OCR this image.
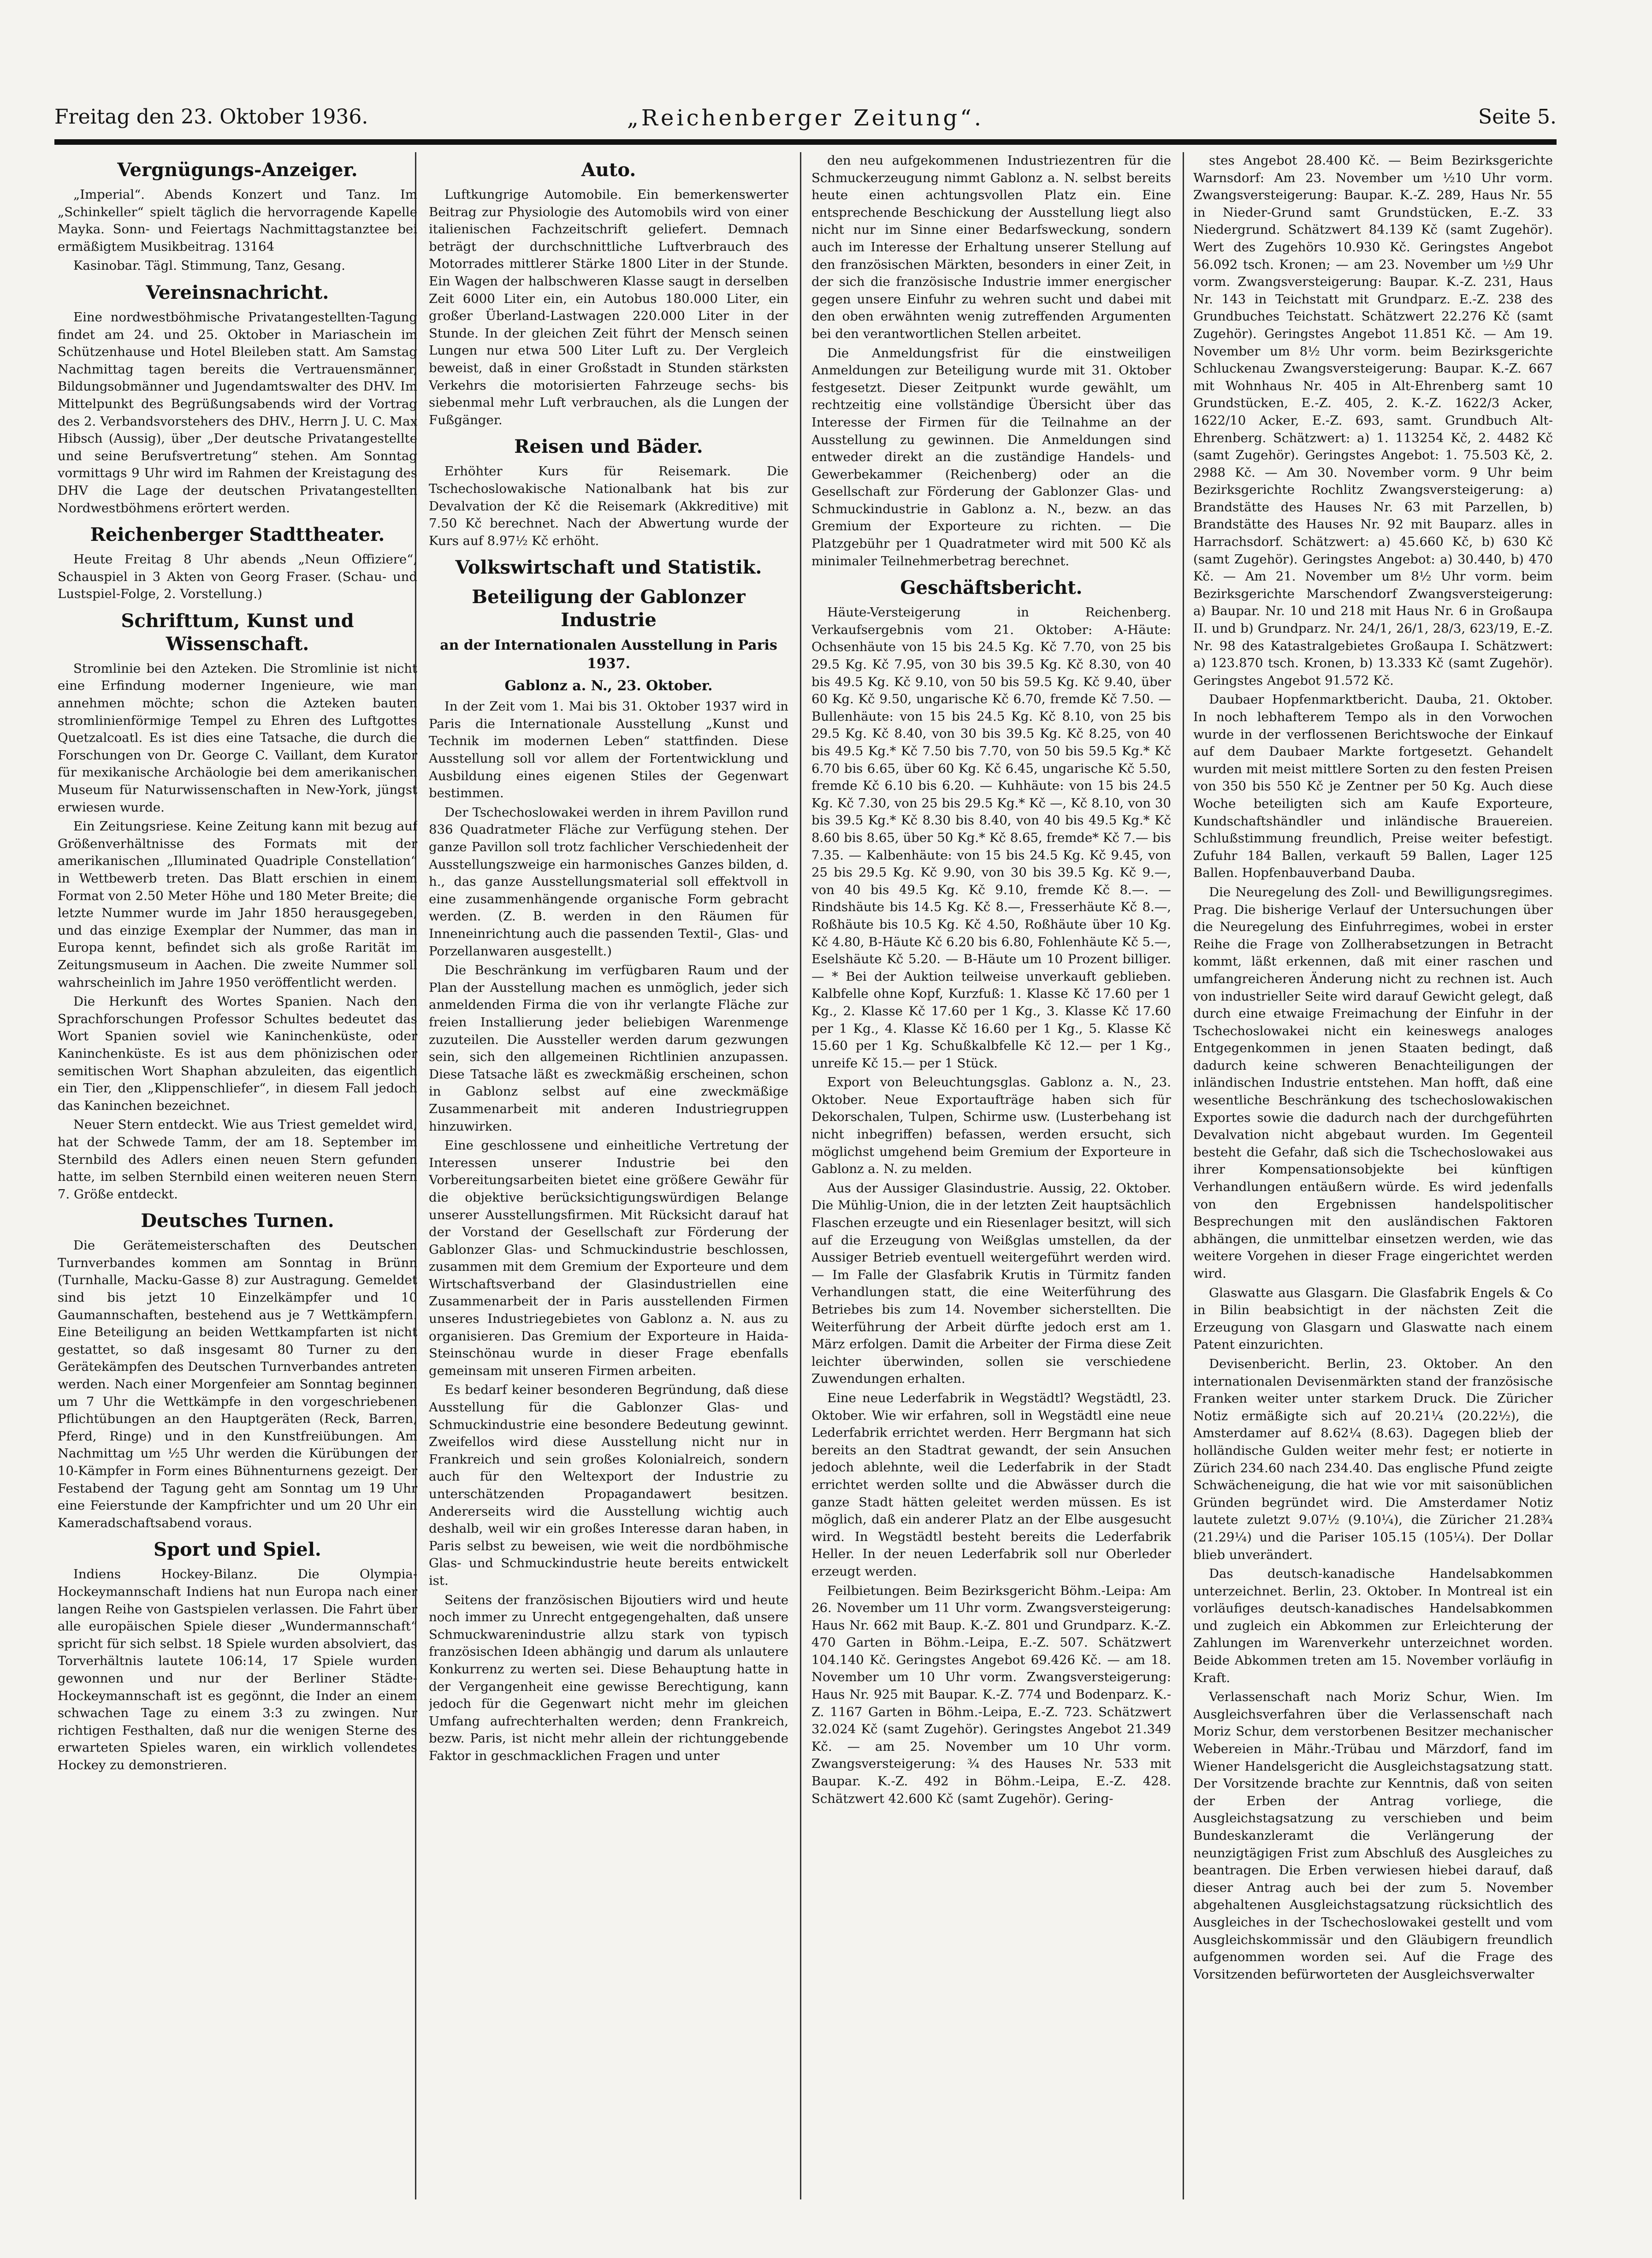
Freitag den 23. Oktober 1936.	„Reichenberger Zeitung“.	Seite 5.
Vergnügungs-Anzeiger.

„Imperial“. Abends Konzert und Tanz. Im „Schinkeller“ spielt täglich die hervorragende Kapelle Mayka. Sonn- und Feiertags Nachmittagstanztee bei ermäßigtem Musikbeitrag. 13164

Kasinobar. Tägl. Stimmung, Tanz, Gesang.

Vereinsnachricht.

Eine nordwestböhmische Privatangestellten-Tagung findet am 24. und 25. Oktober in Mariaschein im Schützenhause und Hotel Bleileben statt. Am Samstag Nachmittag tagen bereits die Vertrauensmänner, Bildungsobmänner und Jugendamtswalter des DHV. Im Mittelpunkt des Begrüßungsabends wird der Vortrag des 2. Verbandsvorstehers des DHV., Herrn J. U. C. Max Hibsch (Aussig), über „Der deutsche Privatangestellte und seine Berufsvertretung“ stehen. Am Sonntag vormittags 9 Uhr wird im Rahmen der Kreistagung des DHV die Lage der deutschen Privatangestellten Nordwestböhmens erörtert werden.

Reichenberger Stadttheater.

Heute Freitag 8 Uhr abends „Neun Offiziere“, Schauspiel in 3 Akten von Georg Fraser. (Schau- und Lustspiel-Folge, 2. Vorstellung.)

Schrifttum, Kunst und Wissenschaft.

Stromlinie bei den Azteken. Die Stromlinie ist nicht eine Erfindung moderner Ingenieure, wie man annehmen möchte; schon die Azteken bauten stromlinienförmige Tempel zu Ehren des Luftgottes Quetzalcoatl. Es ist dies eine Tatsache, die durch die Forschungen von Dr. George C. Vaillant, dem Kurator für mexikanische Archäologie bei dem amerikanischen Museum für Naturwissenschaften in New-York, jüngst erwiesen wurde.

Ein Zeitungsriese. Keine Zeitung kann mit bezug auf Größenverhältnisse des Formats mit der amerikanischen „Illuminated Quadriple Constellation“ in Wettbewerb treten. Das Blatt erschien in einem Format von 2.50 Meter Höhe und 180 Meter Breite; die letzte Nummer wurde im Jahr 1850 herausgegeben, und das einzige Exemplar der Nummer, das man in Europa kennt, befindet sich als große Rarität im Zeitungsmuseum in Aachen. Die zweite Nummer soll wahrscheinlich im Jahre 1950 veröffentlicht werden.

Die Herkunft des Wortes Spanien. Nach den Sprachforschungen Professor Schultes bedeutet das Wort Spanien soviel wie Kaninchenküste, oder Kaninchenküste. Es ist aus dem phönizischen oder semitischen Wort Shaphan abzuleiten, das eigentlich ein Tier, den „Klippenschliefer“, in diesem Fall jedoch das Kaninchen bezeichnet.

Neuer Stern entdeckt. Wie aus Triest gemeldet wird, hat der Schwede Tamm, der am 18. September im Sternbild des Adlers einen neuen Stern gefunden hatte, im selben Sternbild einen weiteren neuen Stern 7. Größe entdeckt.

Deutsches Turnen.

Die Gerätemeisterschaften des Deutschen Turnverbandes kommen am Sonntag in Brünn (Turnhalle, Macku-Gasse 8) zur Austragung. Gemeldet sind bis jetzt 10 Einzelkämpfer und 10 Gaumannschaften, bestehend aus je 7 Wettkämpfern. Eine Beteiligung an beiden Wettkampfarten ist nicht gestattet, so daß insgesamt 80 Turner zu den Gerätekämpfen des Deutschen Turnverbandes antreten werden. Nach einer Morgenfeier am Sonntag beginnen um 7 Uhr die Wettkämpfe in den vorgeschriebenen Pflichtübungen an den Hauptgeräten (Reck, Barren, Pferd, Ringe) und in den Kunstfreiübungen. Am Nachmittag um ½5 Uhr werden die Kürübungen der 10-Kämpfer in Form eines Bühnenturnens gezeigt. Der Festabend der Tagung geht am Sonntag um 19 Uhr eine Feierstunde der Kampfrichter und um 20 Uhr ein Kameradschaftsabend voraus.

Sport und Spiel.

Indiens Hockey-Bilanz. Die Olympia-Hockeymannschaft Indiens hat nun Europa nach einer langen Reihe von Gastspielen verlassen. Die Fahrt über alle europäischen Spiele dieser „Wundermannschaft“ spricht für sich selbst. 18 Spiele wurden absolviert, das Torverhältnis lautete 106:14, 17 Spiele wurden gewonnen und nur der Berliner Städte-Hockeymannschaft ist es gegönnt, die Inder an einem schwachen Tage zu einem 3:3 zu zwingen. Nur richtigen Festhalten, daß nur die wenigen Sterne des erwarteten Spieles waren, ein wirklich vollendetes Hockey zu demonstrieren.

Auto.

Luftkungrige Automobile. Ein bemerkenswerter Beitrag zur Physiologie des Automobils wird von einer italienischen Fachzeitschrift geliefert. Demnach beträgt der durchschnittliche Luftverbrauch des Motorrades mittlerer Stärke 1800 Liter in der Stunde. Ein Wagen der halbschweren Klasse saugt in derselben Zeit 6000 Liter ein, ein Autobus 180.000 Liter, ein großer Überland-Lastwagen 220.000 Liter in der Stunde. In der gleichen Zeit führt der Mensch seinen Lungen nur etwa 500 Liter Luft zu. Der Vergleich beweist, daß in einer Großstadt in Stunden stärksten Verkehrs die motorisierten Fahrzeuge sechs- bis siebenmal mehr Luft verbrauchen, als die Lungen der Fußgänger.

Reisen und Bäder.

Erhöhter Kurs für Reisemark. Die Tschechoslowakische Nationalbank hat bis zur Devalvation der Kč die Reisemark (Akkreditive) mit 7.50 Kč berechnet. Nach der Abwertung wurde der Kurs auf 8.97½ Kč erhöht.

Volkswirtschaft und Statistik.
Beteiligung der Gablonzer Industrie
an der Internationalen Ausstellung in Paris 1937.
Gablonz a. N., 23. Oktober.

In der Zeit vom 1. Mai bis 31. Oktober 1937 wird in Paris die Internationale Ausstellung „Kunst und Technik im modernen Leben“ stattfinden. Diese Ausstellung soll vor allem der Fortentwicklung und Ausbildung eines eigenen Stiles der Gegenwart bestimmen.

Der Tschechoslowakei werden in ihrem Pavillon rund 836 Quadratmeter Fläche zur Verfügung stehen. Der ganze Pavillon soll trotz fachlicher Verschiedenheit der Ausstellungszweige ein harmonisches Ganzes bilden, d. h., das ganze Ausstellungsmaterial soll effektvoll in eine zusammenhängende organische Form gebracht werden. (Z. B. werden in den Räumen für Inneneinrichtung auch die passenden Textil-, Glas- und Porzellanwaren ausgestellt.)

Die Beschränkung im verfügbaren Raum und der Plan der Ausstellung machen es unmöglich, jeder sich anmeldenden Firma die von ihr verlangte Fläche zur freien Installierung jeder beliebigen Warenmenge zuzuteilen. Die Aussteller werden darum gezwungen sein, sich den allgemeinen Richtlinien anzupassen. Diese Tatsache läßt es zweckmäßig erscheinen, schon in Gablonz selbst auf eine zweckmäßige Zusammenarbeit mit anderen Industriegruppen hinzuwirken.

Eine geschlossene und einheitliche Vertretung der Interessen unserer Industrie bei den Vorbereitungsarbeiten bietet eine größere Gewähr für die objektive berücksichtigungswürdigen Belange unserer Ausstellungsfirmen. Mit Rücksicht darauf hat der Vorstand der Gesellschaft zur Förderung der Gablonzer Glas- und Schmuckindustrie beschlossen, zusammen mit dem Gremium der Exporteure und dem Wirtschaftsverband der Glasindustriellen eine Zusammenarbeit der in Paris ausstellenden Firmen unseres Industriegebietes von Gablonz a. N. aus zu organisieren. Das Gremium der Exporteure in Haida-Steinschönau wurde in dieser Frage ebenfalls gemeinsam mit unseren Firmen arbeiten.

Es bedarf keiner besonderen Begründung, daß diese Ausstellung für die Gablonzer Glas- und Schmuckindustrie eine besondere Bedeutung gewinnt. Zweifellos wird diese Ausstellung nicht nur in Frankreich und sein großes Kolonialreich, sondern auch für den Weltexport der Industrie zu unterschätzenden Propagandawert besitzen. Andererseits wird die Ausstellung wichtig auch deshalb, weil wir ein großes Interesse daran haben, in Paris selbst zu beweisen, wie weit die nordböhmische Glas- und Schmuckindustrie heute bereits entwickelt ist.

Seitens der französischen Bijoutiers wird und heute noch immer zu Unrecht entgegengehalten, daß unsere Schmuckwarenindustrie allzu stark von typisch französischen Ideen abhängig und darum als unlautere Konkurrenz zu werten sei. Diese Behauptung hatte in der Vergangenheit eine gewisse Berechtigung, kann jedoch für die Gegenwart nicht mehr im gleichen Umfang aufrechterhalten werden; denn Frankreich, bezw. Paris, ist nicht mehr allein der richtunggebende Faktor in geschmacklichen Fragen und unter

den neu aufgekommenen Industriezentren für die Schmuckerzeugung nimmt Gablonz a. N. selbst bereits heute einen achtungsvollen Platz ein. Eine entsprechende Beschickung der Ausstellung liegt also nicht nur im Sinne einer Bedarfsweckung, sondern auch im Interesse der Erhaltung unserer Stellung auf den französischen Märkten, besonders in einer Zeit, in der sich die französische Industrie immer energischer gegen unsere Einfuhr zu wehren sucht und dabei mit den oben erwähnten wenig zutreffenden Argumenten bei den verantwortlichen Stellen arbeitet.

Die Anmeldungsfrist für die einstweiligen Anmeldungen zur Beteiligung wurde mit 31. Oktober festgesetzt. Dieser Zeitpunkt wurde gewählt, um rechtzeitig eine vollständige Übersicht über das Interesse der Firmen für die Teilnahme an der Ausstellung zu gewinnen. Die Anmeldungen sind entweder direkt an die zuständige Handels- und Gewerbekammer (Reichenberg) oder an die Gesellschaft zur Förderung der Gablonzer Glas- und Schmuckindustrie in Gablonz a. N., bezw. an das Gremium der Exporteure zu richten. — Die Platzgebühr per 1 Quadratmeter wird mit 500 Kč als minimaler Teilnehmerbetrag berechnet.

Geschäftsbericht.

Häute-Versteigerung in Reichenberg. Verkaufsergebnis vom 21. Oktober: A-Häute: Ochsenhäute von 15 bis 24.5 Kg. Kč 7.70, von 25 bis 29.5 Kg. Kč 7.95, von 30 bis 39.5 Kg. Kč 8.30, von 40 bis 49.5 Kg. Kč 9.10, von 50 bis 59.5 Kg. Kč 9.40, über 60 Kg. Kč 9.50, ungarische Kč 6.70, fremde Kč 7.50. — Bullenhäute: von 15 bis 24.5 Kg. Kč 8.10, von 25 bis 29.5 Kg. Kč 8.40, von 30 bis 39.5 Kg. Kč 8.25, von 40 bis 49.5 Kg.* Kč 7.50 bis 7.70, von 50 bis 59.5 Kg.* Kč 6.70 bis 6.65, über 60 Kg. Kč 6.45, ungarische Kč 5.50, fremde Kč 6.10 bis 6.20. — Kuhhäute: von 15 bis 24.5 Kg. Kč 7.30, von 25 bis 29.5 Kg.* Kč —, Kč 8.10, von 30 bis 39.5 Kg.* Kč 8.30 bis 8.40, von 40 bis 49.5 Kg.* Kč 8.60 bis 8.65, über 50 Kg.* Kč 8.65, fremde* Kč 7.— bis 7.35. — Kalbenhäute: von 15 bis 24.5 Kg. Kč 9.45, von 25 bis 29.5 Kg. Kč 9.90, von 30 bis 39.5 Kg. Kč 9.—, von 40 bis 49.5 Kg. Kč 9.10, fremde Kč 8.—. — Rindshäute bis 14.5 Kg. Kč 8.—, Fresserhäute Kč 8.—, Roßhäute bis 10.5 Kg. Kč 4.50, Roßhäute über 10 Kg. Kč 4.80, B-Häute Kč 6.20 bis 6.80, Fohlenhäute Kč 5.—, Eselshäute Kč 5.20. — B-Häute um 10 Prozent billiger. — * Bei der Auktion teilweise unverkauft geblieben. Kalbfelle ohne Kopf, Kurzfuß: 1. Klasse Kč 17.60 per 1 Kg., 2. Klasse Kč 17.60 per 1 Kg., 3. Klasse Kč 17.60 per 1 Kg., 4. Klasse Kč 16.60 per 1 Kg., 5. Klasse Kč 15.60 per 1 Kg. Schußkalbfelle Kč 12.— per 1 Kg., unreife Kč 15.— per 1 Stück.

Export von Beleuchtungsglas. Gablonz a. N., 23. Oktober. Neue Exportaufträge haben sich für Dekorschalen, Tulpen, Schirme usw. (Lusterbehang ist nicht inbegriffen) befassen, werden ersucht, sich möglichst umgehend beim Gremium der Exporteure in Gablonz a. N. zu melden.

Aus der Aussiger Glasindustrie. Aussig, 22. Oktober. Die Mühlig-Union, die in der letzten Zeit hauptsächlich Flaschen erzeugte und ein Riesenlager besitzt, will sich auf die Erzeugung von Weißglas umstellen, da der Aussiger Betrieb eventuell weitergeführt werden wird. — Im Falle der Glasfabrik Krutis in Türmitz fanden Verhandlungen statt, die eine Weiterführung des Betriebes bis zum 14. November sicherstellten. Die Weiterführung der Arbeit dürfte jedoch erst am 1. März erfolgen. Damit die Arbeiter der Firma diese Zeit leichter überwinden, sollen sie verschiedene Zuwendungen erhalten.

Eine neue Lederfabrik in Wegstädtl? Wegstädtl, 23. Oktober. Wie wir erfahren, soll in Wegstädtl eine neue Lederfabrik errichtet werden. Herr Bergmann hat sich bereits an den Stadtrat gewandt, der sein Ansuchen jedoch ablehnte, weil die Lederfabrik in der Stadt errichtet werden sollte und die Abwässer durch die ganze Stadt hätten geleitet werden müssen. Es ist möglich, daß ein anderer Platz an der Elbe ausgesucht wird. In Wegstädtl besteht bereits die Lederfabrik Heller. In der neuen Lederfabrik soll nur Oberleder erzeugt werden.

Feilbietungen. Beim Bezirksgericht Böhm.-Leipa: Am 26. November um 11 Uhr vorm. Zwangsversteigerung: Haus Nr. 662 mit Baup. K.-Z. 801 und Grundparz. K.-Z. 470 Garten in Böhm.-Leipa, E.-Z. 507. Schätzwert 104.140 Kč. Geringstes Angebot 69.426 Kč. — am 18. November um 10 Uhr vorm. Zwangsversteigerung: Haus Nr. 925 mit Baupar. K.-Z. 774 und Bodenparz. K.-Z. 1167 Garten in Böhm.-Leipa, E.-Z. 723. Schätzwert 32.024 Kč (samt Zugehör). Geringstes Angebot 21.349 Kč. — am 25. November um 10 Uhr vorm. Zwangsversteigerung: ¾ des Hauses Nr. 533 mit Baupar. K.-Z. 492 in Böhm.-Leipa, E.-Z. 428. Schätzwert 42.600 Kč (samt Zugehör). Gering-

stes Angebot 28.400 Kč. — Beim Bezirksgerichte Warnsdorf: Am 23. November um ½10 Uhr vorm. Zwangsversteigerung: Baupar. K.-Z. 289, Haus Nr. 55 in Nieder-Grund samt Grundstücken, E.-Z. 33 Niedergrund. Schätzwert 84.139 Kč (samt Zugehör). Wert des Zugehörs 10.930 Kč. Geringstes Angebot 56.092 tsch. Kronen; — am 23. November um ½9 Uhr vorm. Zwangsversteigerung: Baupar. K.-Z. 231, Haus Nr. 143 in Teichstatt mit Grundparz. E.-Z. 238 des Grundbuches Teichstatt. Schätzwert 22.276 Kč (samt Zugehör). Geringstes Angebot 11.851 Kč. — Am 19. November um 8½ Uhr vorm. beim Bezirksgerichte Schluckenau Zwangsversteigerung: Baupar. K.-Z. 667 mit Wohnhaus Nr. 405 in Alt-Ehrenberg samt 10 Grundstücken, E.-Z. 405, 2. K.-Z. 1622/3 Acker, 1622/10 Acker, E.-Z. 693, samt. Grundbuch Alt-Ehrenberg. Schätzwert: a) 1. 113254 Kč, 2. 4482 Kč (samt Zugehör). Geringstes Angebot: 1. 75.503 Kč, 2. 2988 Kč. — Am 30. November vorm. 9 Uhr beim Bezirksgerichte Rochlitz Zwangsversteigerung: a) Brandstätte des Hauses Nr. 63 mit Parzellen, b) Brandstätte des Hauses Nr. 92 mit Bauparz. alles in Harrachsdorf. Schätzwert: a) 45.660 Kč, b) 630 Kč (samt Zugehör). Geringstes Angebot: a) 30.440, b) 470 Kč. — Am 21. November um 8½ Uhr vorm. beim Bezirksgerichte Marschendorf Zwangsversteigerung: a) Baupar. Nr. 10 und 218 mit Haus Nr. 6 in Großaupa II. und b) Grundparz. Nr. 24/1, 26/1, 28/3, 623/19, E.-Z. Nr. 98 des Katastralgebietes Großaupa I. Schätzwert: a) 123.870 tsch. Kronen, b) 13.333 Kč (samt Zugehör). Geringstes Angebot 91.572 Kč.

Daubaer Hopfenmarktbericht. Dauba, 21. Oktober. In noch lebhafterem Tempo als in den Vorwochen wurde in der verflossenen Berichtswoche der Einkauf auf dem Daubaer Markte fortgesetzt. Gehandelt wurden mit meist mittlere Sorten zu den festen Preisen von 350 bis 550 Kč je Zentner per 50 Kg. Auch diese Woche beteiligten sich am Kaufe Exporteure, Kundschaftshändler und inländische Brauereien. Schlußstimmung freundlich, Preise weiter befestigt. Zufuhr 184 Ballen, verkauft 59 Ballen, Lager 125 Ballen. Hopfenbauverband Dauba.

Die Neuregelung des Zoll- und Bewilligungsregimes. Prag. Die bisherige Verlauf der Untersuchungen über die Neuregelung des Einfuhrregimes, wobei in erster Reihe die Frage von Zollherabsetzungen in Betracht kommt, läßt erkennen, daß mit einer raschen und umfangreicheren Änderung nicht zu rechnen ist. Auch von industrieller Seite wird darauf Gewicht gelegt, daß durch eine etwaige Freimachung der Einfuhr in der Tschechoslowakei nicht ein keineswegs analoges Entgegenkommen in jenen Staaten bedingt, daß dadurch keine schweren Benachteiligungen der inländischen Industrie entstehen. Man hofft, daß eine wesentliche Beschränkung des tschechoslowakischen Exportes sowie die dadurch nach der durchgeführten Devalvation nicht abgebaut wurden. Im Gegenteil besteht die Gefahr, daß sich die Tschechoslowakei aus ihrer Kompensationsobjekte bei künftigen Verhandlungen entäußern würde. Es wird jedenfalls von den Ergebnissen handelspolitischer Besprechungen mit den ausländischen Faktoren abhängen, die unmittelbar einsetzen werden, wie das weitere Vorgehen in dieser Frage eingerichtet werden wird.

Glaswatte aus Glasgarn. Die Glasfabrik Engels & Co in Bilin beabsichtigt in der nächsten Zeit die Erzeugung von Glasgarn und Glaswatte nach einem Patent einzurichten.

Devisenbericht. Berlin, 23. Oktober. An den internationalen Devisenmärkten stand der französische Franken weiter unter starkem Druck. Die Züricher Notiz ermäßigte sich auf 20.21¼ (20.22½), die Amsterdamer auf 8.62¼ (8.63). Dagegen blieb der holländische Gulden weiter mehr fest; er notierte in Zürich 234.60 nach 234.40. Das englische Pfund zeigte Schwächeneigung, die hat wie vor mit saisonüblichen Gründen begründet wird. Die Amsterdamer Notiz lautete zuletzt 9.07½ (9.10¼), die Züricher 21.28¾ (21.29¼) und die Pariser 105.15 (105¼). Der Dollar blieb unverändert.

Das deutsch-kanadische Handelsabkommen unterzeichnet. Berlin, 23. Oktober. In Montreal ist ein vorläufiges deutsch-kanadisches Handelsabkommen und zugleich ein Abkommen zur Erleichterung der Zahlungen im Warenverkehr unterzeichnet worden. Beide Abkommen treten am 15. November vorläufig in Kraft.

Verlassenschaft nach Moriz Schur, Wien. Im Ausgleichsverfahren über die Verlassenschaft nach Moriz Schur, dem verstorbenen Besitzer mechanischer Webereien in Mähr.-Trübau und Märzdorf, fand im Wiener Handelsgericht die Ausgleichstagsatzung statt. Der Vorsitzende brachte zur Kenntnis, daß von seiten der Erben der Antrag vorliege, die Ausgleichstagsatzung zu verschieben und beim Bundeskanzleramt die Verlängerung der neunzigtägigen Frist zum Abschluß des Ausgleiches zu beantragen. Die Erben verwiesen hiebei darauf, daß dieser Antrag auch bei der zum 5. November abgehaltenen Ausgleichstagsatzung rücksichtlich des Ausgleiches in der Tschechoslowakei gestellt und vom Ausgleichskommissär und den Gläubigern freundlich aufgenommen worden sei. Auf die Frage des Vorsitzenden befürworteten der Ausgleichsverwalter
